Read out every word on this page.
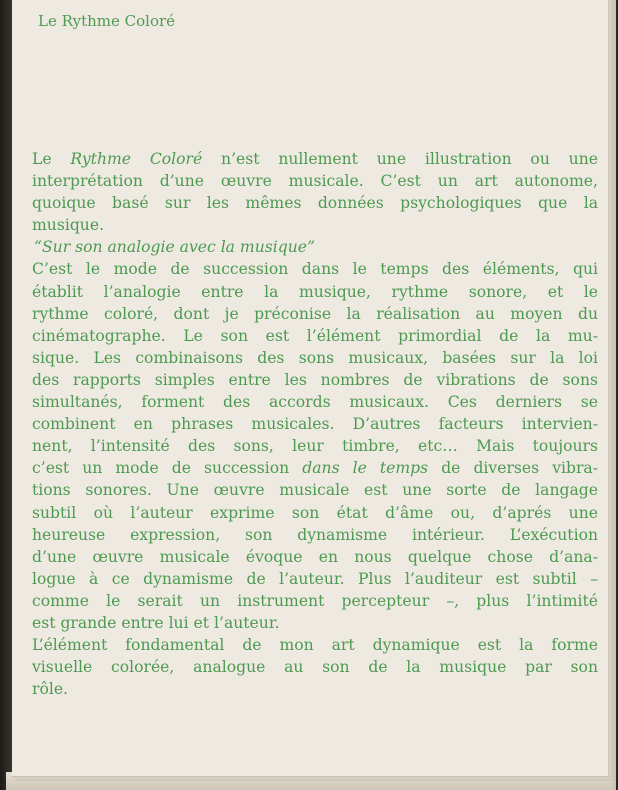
Le Rythme Coloré
Le Rythme Coloré n’est nullement une illustration ou une
interprétation d’une œuvre musicale. C’est un art autonome,
quoique basé sur les mêmes données psychologiques que la
musique.
“Sur son analogie avec la musique”
C’est le mode de succession dans le temps des éléments, qui
établit l’analogie entre la musique, rythme sonore, et le
rythme coloré, dont je préconise la réalisation au moyen du
cinématographe. Le son est l’élément primordial de la mu-
sique. Les combinaisons des sons musicaux, basées sur la loi
des rapports simples entre les nombres de vibrations de sons
simultanés, forment des accords musicaux. Ces derniers se
combinent en phrases musicales. D’autres facteurs intervien-
nent, l’intensité des sons, leur timbre, etc… Mais toujours
c’est un mode de succession dans le temps de diverses vibra-
tions sonores. Une œuvre musicale est une sorte de langage
subtil où l’auteur exprime son état d’âme ou, d’aprés une
heureuse expression, son dynamisme intérieur. L’exécution
d’une œuvre musicale évoque en nous quelque chose d’ana-
logue à ce dynamisme de l’auteur. Plus l’auditeur est subtil –
comme le serait un instrument percepteur –, plus l’intimité
est grande entre lui et l’auteur.
L’élément fondamental de mon art dynamique est la forme
visuelle colorée, analogue au son de la musique par son
rôle.
